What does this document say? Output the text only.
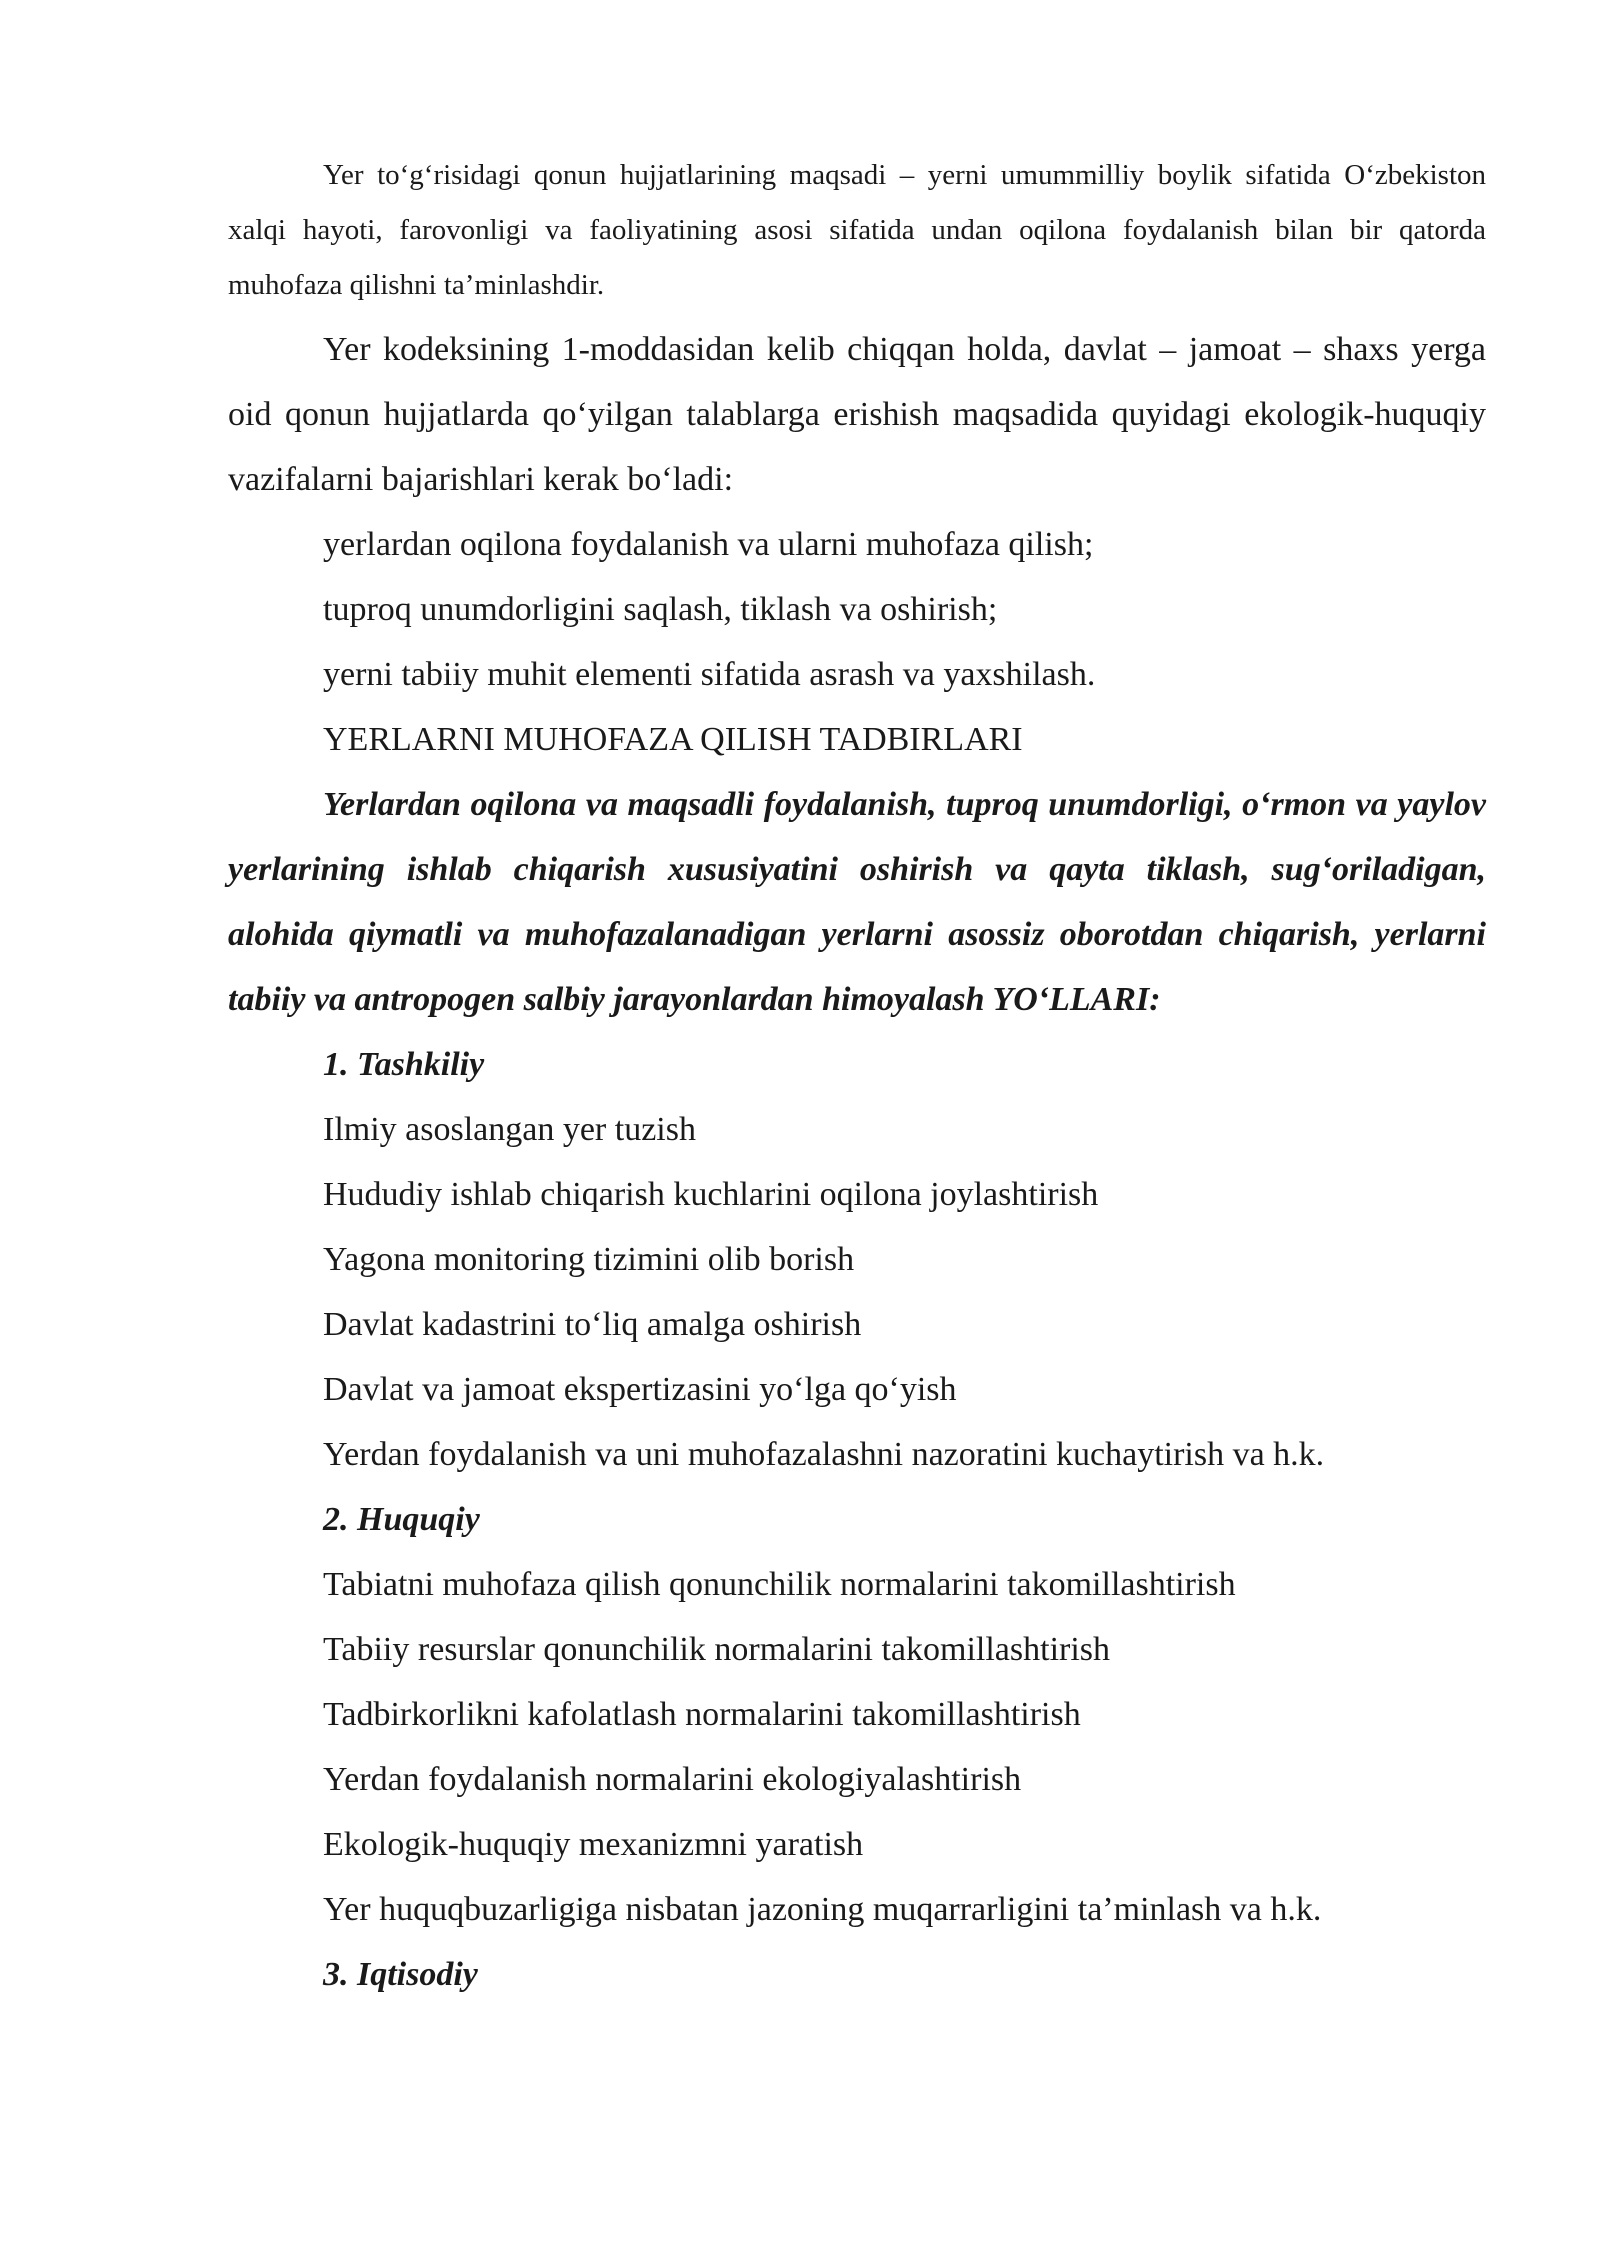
Yer to‘g‘risidagi qonun hujjatlarining maqsadi – yerni umummilliy boylik sifatida O‘zbekiston xalqi hayoti, farovonligi va faoliyatining asosi sifatida undan oqilona foydalanish bilan bir qatorda muhofaza qilishni ta’minlashdir.

Yer kodeksining 1-moddasidan kelib chiqqan holda, davlat – jamoat – shaxs yerga oid qonun hujjatlarda qo‘yilgan talablarga erishish maqsadida quyidagi ekologik-huquqiy vazifalarni bajarishlari kerak bo‘ladi:

yerlardan oqilona foydalanish va ularni muhofaza qilish;

tuproq unumdorligini saqlash, tiklash va oshirish;

yerni tabiiy muhit elementi sifatida asrash va yaxshilash.

YERLARNI MUHOFAZA QILISH TADBIRLARI

Yerlardan oqilona va maqsadli foydalanish, tuproq unumdorligi, o‘rmon va yaylov yerlarining ishlab chiqarish xususiyatini oshirish va qayta tiklash, sug‘oriladigan, alohida qiymatli va muhofazalanadigan yerlarni asossiz oborotdan chiqarish, yerlarni tabiiy va antropogen salbiy jarayonlardan himoyalash YO‘LLARI:

1. Tashkiliy

Ilmiy asoslangan yer tuzish

Hududiy ishlab chiqarish kuchlarini oqilona joylashtirish

Yagona monitoring tizimini olib borish

Davlat kadastrini to‘liq amalga oshirish

Davlat va jamoat ekspertizasini yo‘lga qo‘yish

Yerdan foydalanish va uni muhofazalashni nazoratini kuchaytirish va h.k.

2. Huquqiy

Tabiatni muhofaza qilish qonunchilik normalarini takomillashtirish

Tabiiy resurslar qonunchilik normalarini takomillashtirish

Tadbirkorlikni kafolatlash normalarini takomillashtirish

Yerdan foydalanish normalarini ekologiyalashtirish

Ekologik-huquqiy mexanizmni yaratish

Yer huquqbuzarligiga nisbatan jazoning muqarrarligini ta’minlash va h.k.

3. Iqtisodiy
